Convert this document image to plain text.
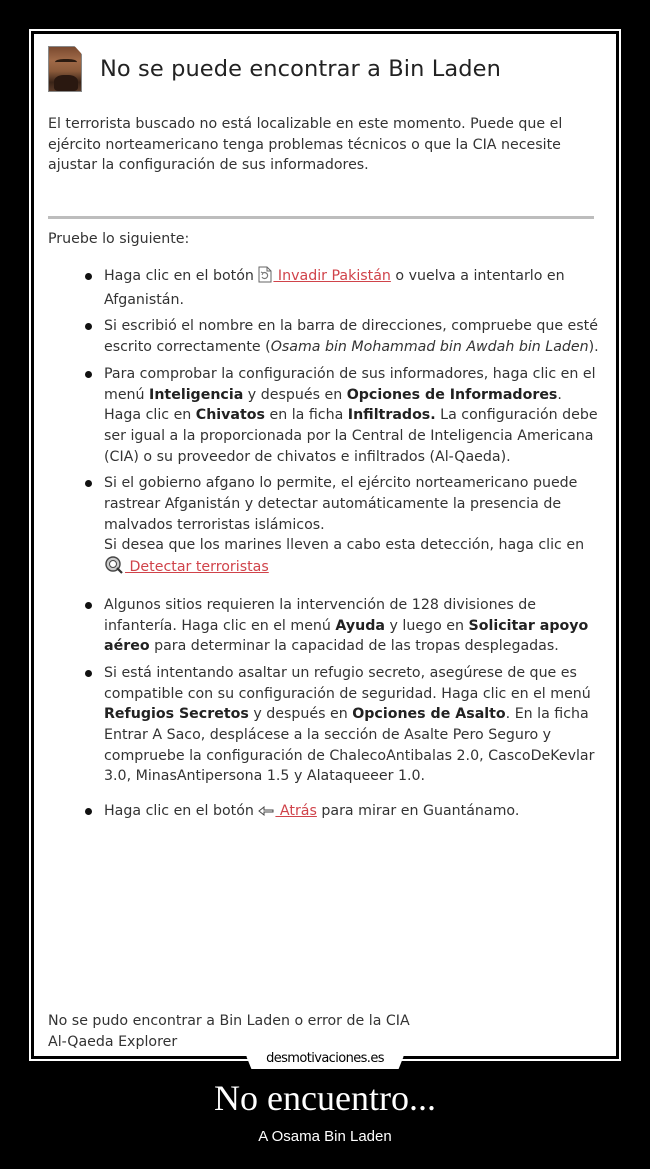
No se puede encontrar a Bin Laden

El terrorista buscado no está localizable en este momento. Puede que el ejército norteamericano tenga problemas técnicos o que la CIA necesite ajustar la configuración de sus informadores.

Pruebe lo siguiente:
Haga clic en el botón  Invadir Pakistán o vuelva a intentarlo en Afganistán.
Si escribió el nombre en la barra de direcciones, compruebe que esté escrito correctamente (Osama bin Mohammad bin Awdah bin Laden).
Para comprobar la configuración de sus informadores, haga clic en el menú Inteligencia y después en Opciones de Informadores. Haga clic en Chivatos en la ficha Infiltrados. La configuración debe ser igual a la proporcionada por la Central de Inteligencia Americana (CIA) o su proveedor de chivatos e infiltrados (Al-Qaeda).
Si el gobierno afgano lo permite, el ejército norteamericano puede rastrear Afganistán y detectar automáticamente la presencia de malvados terroristas islámicos.
Si desea que los marines lleven a cabo esta detección, haga clic en  Detectar terroristas
Algunos sitios requieren la intervención de 128 divisiones de infantería. Haga clic en el menú Ayuda y luego en Solicitar apoyo aéreo para determinar la capacidad de las tropas desplegadas.
Si está intentando asaltar un refugio secreto, asegúrese de que es compatible con su configuración de seguridad. Haga clic en el menú Refugios Secretos y después en Opciones de Asalto. En la ficha Entrar A Saco, desplácese a la sección de Asalte Pero Seguro y compruebe la configuración de ChalecoAntibalas 2.0, CascoDeKevlar 3.0, MinasAntipersona 1.5 y Alataqueeer 1.0.
Haga clic en el botón  Atrás para mirar en Guantánamo.
No se pudo encontrar a Bin Laden o error de la CIA
Al-Qaeda Explorer
desmotivaciones.es
No encuentro...
A Osama Bin Laden
